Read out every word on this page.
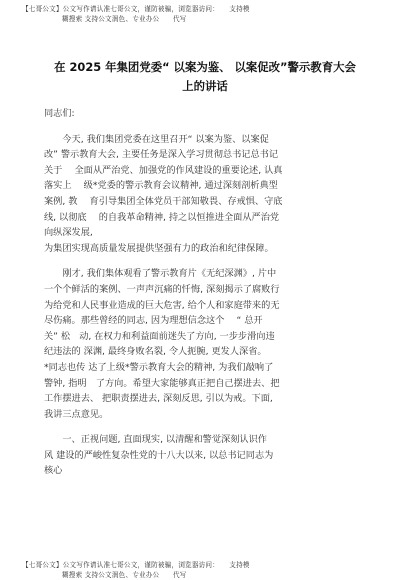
【七哥公文】公文写作请认准七哥公文，谨防被骗，浏览器访问：　　支持模
糊搜索 支持公文润色、专业办公　　代写
在 2025 年集团党委“ 以案为鉴、 以案促改”警示教育大会
上的讲话
同志们:
　　今天, 我们集团党委在这里召开“ 以案为鉴、以案促
改” 警示教育大会, 主要任务是深入学习贯彻总书记总书记
关于　 全面从严治党、加强党的作风建设的重要论述, 认真
落实上　 级*党委的警示教育会议精神, 通过深刻剖析典型
案例, 教　 育引导集团全体党员干部知敬畏、存戒惧、守底
线, 以彻底　 的自我革命精神, 持之以恒推进全面从严治党
向纵深发展,
为集团实现高质量发展提供坚强有力的政治和纪律保障。
　　刚才, 我们集体观看了警示教育片《无纪深渊》, 片中
一个个鲜活的案例、一声声沉痛的忏悔, 深刻揭示了腐败行
为给党和人民事业造成的巨大危害, 给个人和家庭带来的无
尽伤痛。那些曾经的同志, 因为理想信念这个　 “ 总开
关” 松　动, 在权力和利益面前迷失了方向, 一步步滑向违
纪违法的 深渊, 最终身败名裂, 令人扼腕, 更发人深省。
*同志也传 达了上级*警示教育大会的精神, 为我们敲响了
警钟, 指明　了方向。希望大家能够真正把自己摆进去、把
工作摆进去、 把职责摆进去, 深刻反思, 引以为戒。下面,
我讲三点意见。
　　一、正视问题, 直面现实, 以清醒和警觉深刻认识作
风 建设的严峻性复杂性党的十八大以来, 以总书记同志为
核心
【七哥公文】公文写作请认准七哥公文，谨防被骗，浏览器访问：　　支持模
糊搜索 支持公文润色、专业办公　　代写
